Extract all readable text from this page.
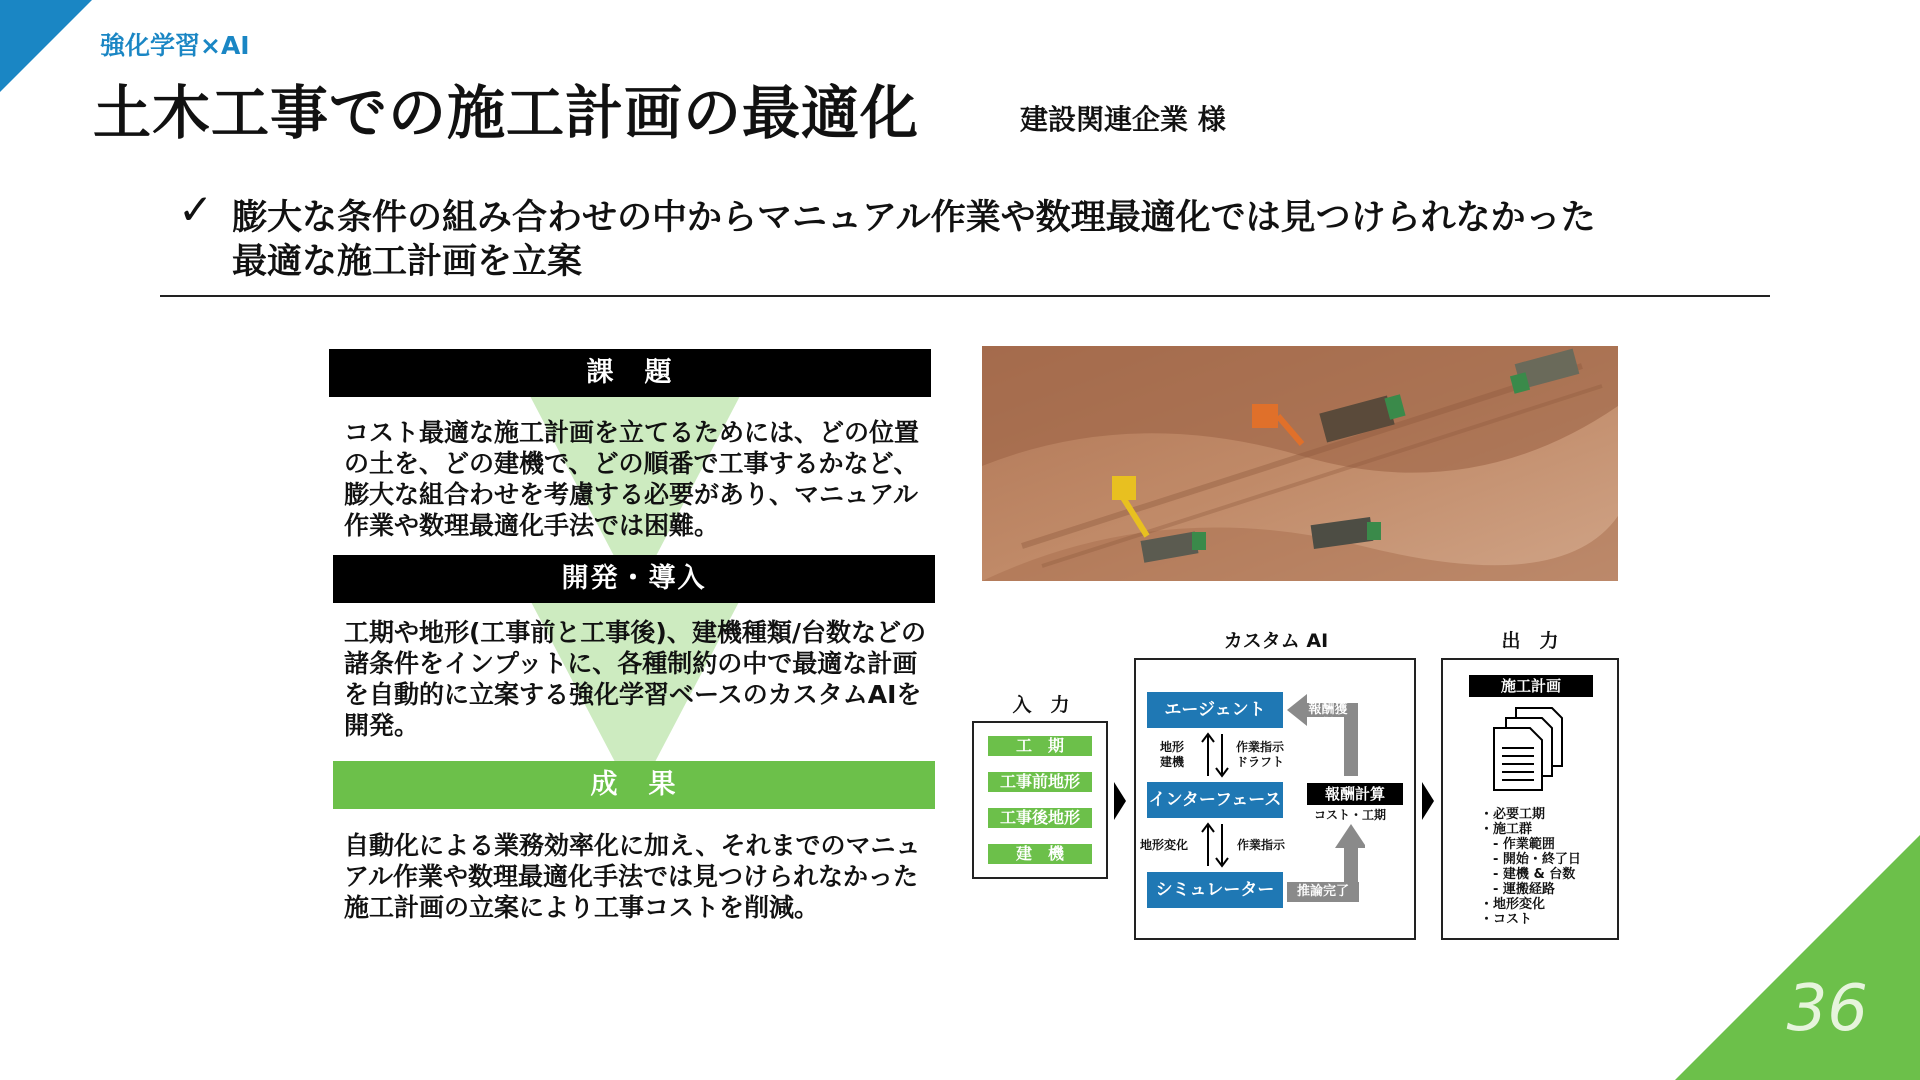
36
強化学習×AI
土木工事での施工計画の最適化	建設関連企業 様
✓ 膨大な条件の組み合わせの中からマニュアル作業や数理最適化では見つけられなかった
最適な施工計画を立案
課　題
コスト最適な施工計画を立てるためには、どの位置の土を、どの建機で、どの順番で工事するかなど、膨大な組合わせを考慮する必要があり、マニュアル作業や数理最適化手法では困難。
開発・導入
工期や地形(工事前と工事後)、建機種類/台数などの諸条件をインプットに、各種制約の中で最適な計画を自動的に立案する強化学習ベースのカスタムAIを開発。
成　果
自動化による業務効率化に加え、それまでのマニュアル作業や数理最適化手法では見つけられなかった施工計画の立案により工事コストを削減。
入　力
カスタム AI	出　力
工　期
工事前地形
工事後地形
建　機
エージェント
インターフェース
シミュレーター
地形
建機
作業指示
ドラフト
地形変化	作業指示
報酬獲得
報酬計算
コスト・工期
推論完了
施工計画
・必要工期
・施工群
　- 作業範囲
　- 開始・終了日
　- 建機 & 台数
　- 運搬経路
・地形変化
・コスト
